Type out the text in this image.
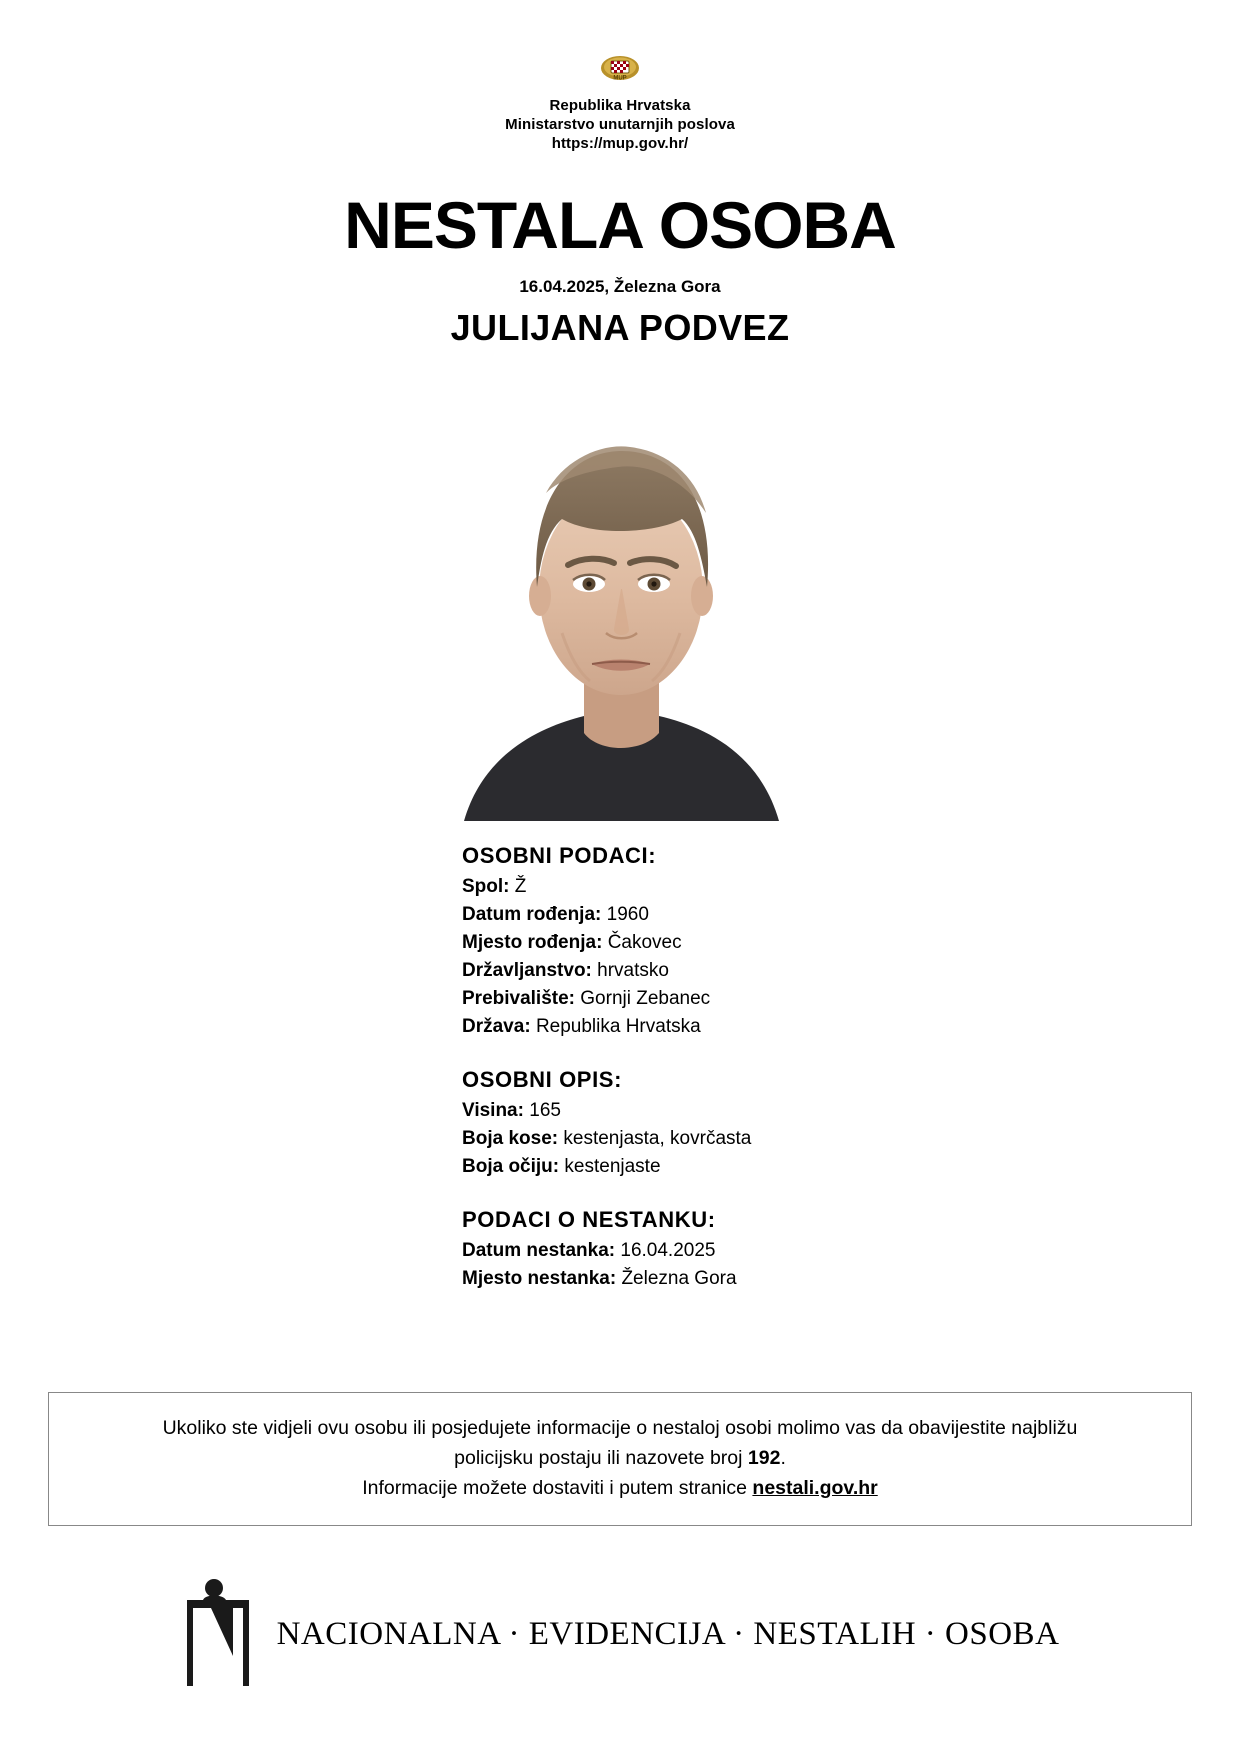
MUP
Republika Hrvatska
Ministarstvo unutarnjih poslova
https://mup.gov.hr/
NESTALA OSOBA
16.04.2025, Železna Gora
JULIJANA PODVEZ
OSOBNI PODACI:
Spol: Ž
Datum rođenja: 1960
Mjesto rođenja: Čakovec
Državljanstvo: hrvatsko
Prebivalište: Gornji Zebanec
Država: Republika Hrvatska
OSOBNI OPIS:
Visina: 165
Boja kose: kestenjasta, kovrčasta
Boja očiju: kestenjaste
PODACI O NESTANKU:
Datum nestanka: 16.04.2025
Mjesto nestanka: Železna Gora
Ukoliko ste vidjeli ovu osobu ili posjedujete informacije o nestaloj osobi molimo vas da obavijestite najbližu
policijsku postaju ili nazovete broj 192.
Informacije možete dostaviti i putem stranice nestali.gov.hr
NACIONALNA · EVIDENCIJA · NESTALIH · OSOBA
